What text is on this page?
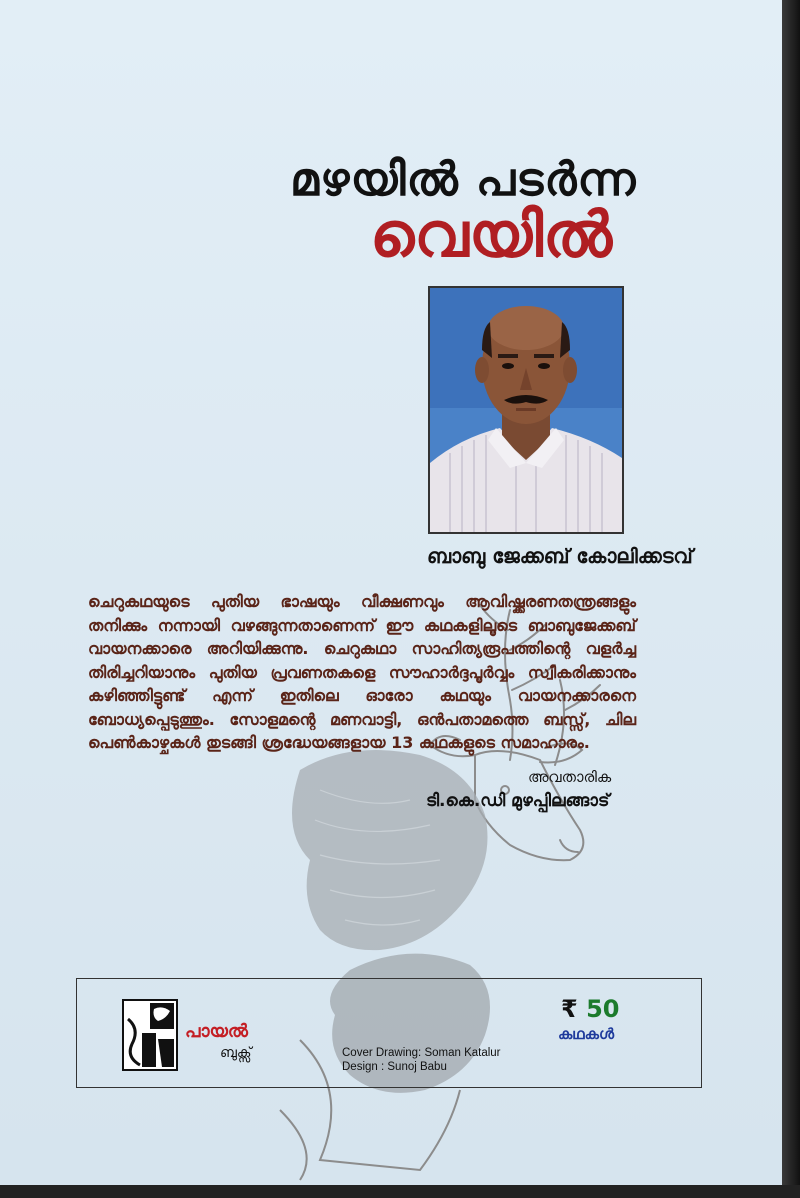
മഴയിൽ പടർന്ന
വെയിൽ
ബാബു ജേക്കബ് കോലിക്കടവ്
ചെറുകഥയുടെ പുതിയ ഭാഷയും വീക്ഷണവും ആവിഷ്ക്കരണതന്ത്രങ്ങളും തനിക്കും നന്നായി വഴങ്ങുന്നതാണെന്ന് ഈ കഥകളിലൂടെ ബാബുജേക്കബ് വായനക്കാരെ അറിയിക്കുന്നു. ചെറുകഥാ സാഹിത്യരൂപത്തിന്റെ വളർച്ച തിരിച്ചറിയാനും പുതിയ പ്രവണതകളെ സൗഹാർദ്ദപൂർവ്വം സ്വീകരിക്കാനും കഴിഞ്ഞിട്ടുണ്ട് എന്ന് ഇതിലെ ഓരോ കഥയും വായനക്കാരനെ ബോധ്യപ്പെടുത്തും. സോളമന്റെ മണവാട്ടി, ഒൻപതാമത്തെ ബസ്സ്, ചില പെൺകാഴ്ചകൾ തുടങ്ങി ശ്രദ്ധേയങ്ങളായ 13 കഥകളുടെ സമാഹാരം.
അവതാരിക
ടി.കെ.ഡി മുഴപ്പിലങ്ങാട്
പായൽ
ബുക്സ്	Cover Drawing: Soman Katalur
Design : Sunoj Babu
₹ 50
കഥകൾ
